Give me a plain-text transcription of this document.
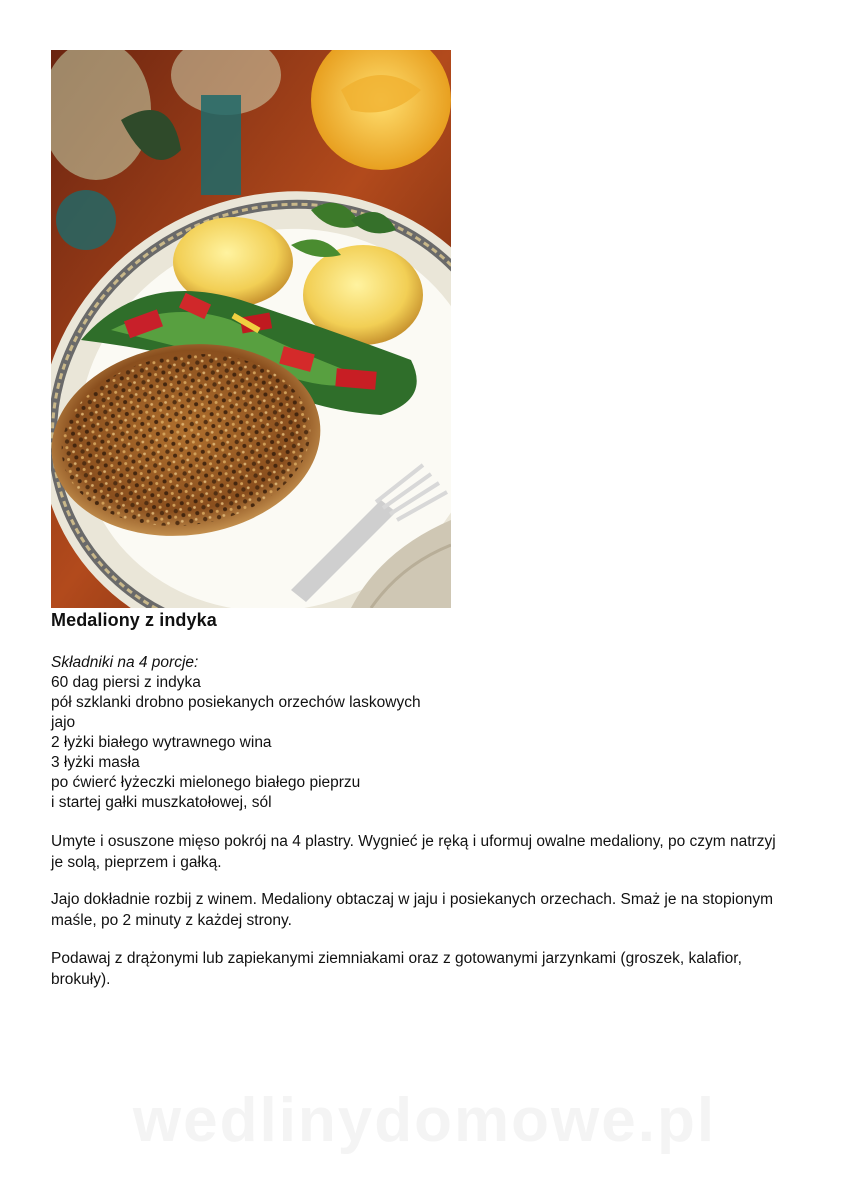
Medaliony z indyka
Składniki na 4 porcje:
60 dag piersi z indyka
pół szklanki drobno posiekanych orzechów laskowych
jajo
2 łyżki białego wytrawnego wina
3 łyżki masła
po ćwierć łyżeczki mielonego białego pieprzu
i startej gałki muszkatołowej, sól
Umyte i osuszone mięso pokrój na 4 plastry. Wygnieć je ręką i uformuj owalne medaliony, po czym natrzyj je solą, pieprzem i gałką.
Jajo dokładnie rozbij z winem. Medaliony obtaczaj w jaju i posiekanych orzechach. Smaż je na stopionym maśle, po 2 minuty z każdej strony.
Podawaj z drążonymi lub zapiekanymi ziemniakami oraz z gotowanymi jarzynkami (groszek, kalafior, brokuły).
wedlinydomowe.pl
